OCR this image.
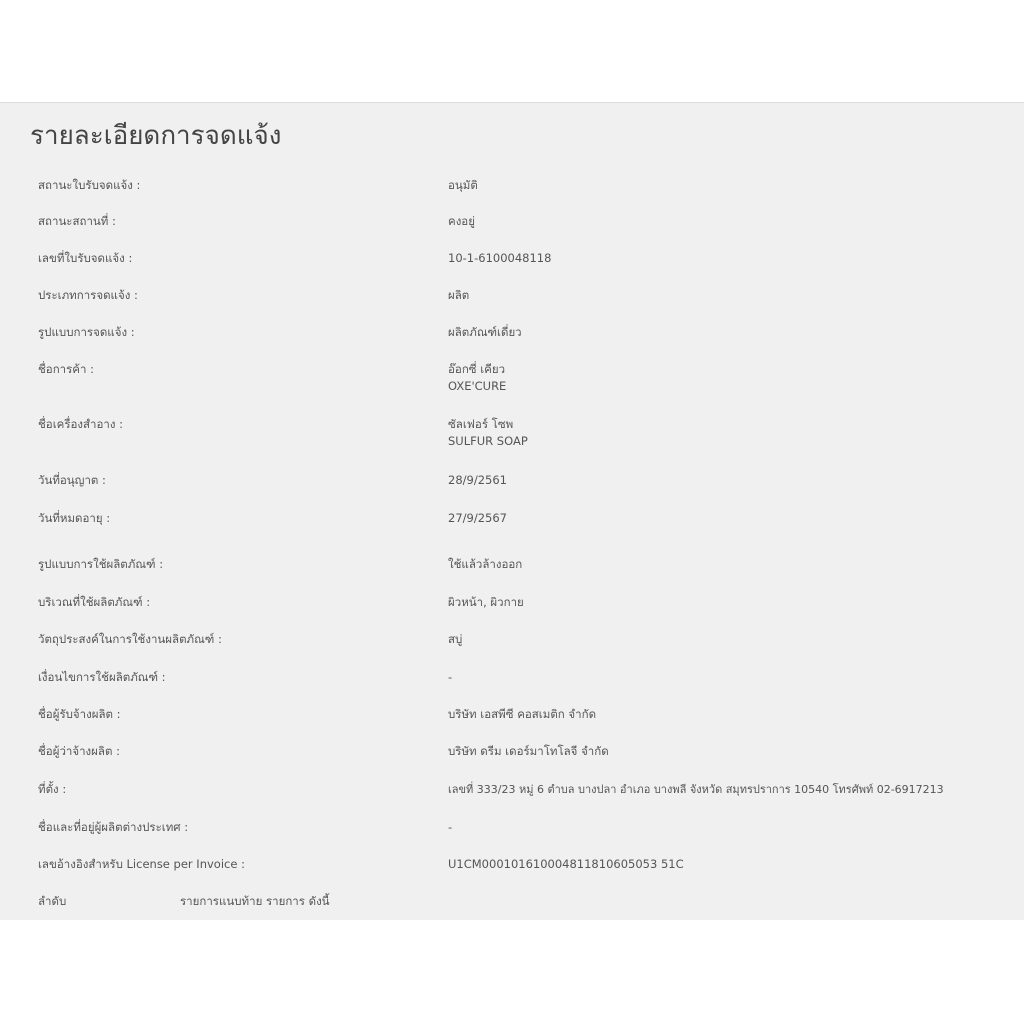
รายละเอียดการจดแจ้ง
สถานะใบรับจดแจ้ง :	อนุมัติ
สถานะสถานที่ :	คงอยู่
เลขที่ใบรับจดแจ้ง :	10-1-6100048118
ประเภทการจดแจ้ง :	ผลิต
รูปแบบการจดแจ้ง :	ผลิตภัณฑ์เดี่ยว
ชื่อการค้า :	อ๊อกซี่ เคียว
OXE'CURE
ชื่อเครื่องสำอาง :	ซัลเฟอร์ โซพ
SULFUR SOAP
วันที่อนุญาต :	28/9/2561
วันที่หมดอายุ :	27/9/2567
รูปแบบการใช้ผลิตภัณฑ์ :	ใช้แล้วล้างออก
บริเวณที่ใช้ผลิตภัณฑ์ :	ผิวหน้า, ผิวกาย
วัตถุประสงค์ในการใช้งานผลิตภัณฑ์ :	สบู่
เงื่อนไขการใช้ผลิตภัณฑ์ :	-
ชื่อผู้รับจ้างผลิต :	บริษัท เอสพีซี คอสเมติก จำกัด
ชื่อผู้ว่าจ้างผลิต :	บริษัท ดรีม เดอร์มาโทโลจี จำกัด
ที่ตั้ง :	เลขที่ 333/23 หมู่ 6 ตำบล บางปลา อำเภอ บางพลี จังหวัด สมุทรปราการ 10540 โทรศัพท์ 02-6917213
ชื่อและที่อยู่ผู้ผลิตต่างประเทศ :	-
เลขอ้างอิงสำหรับ License per Invoice :	U1CM000101610004811810605053 51C
ลำดับ	รายการแนบท้าย รายการ ดังนี้
